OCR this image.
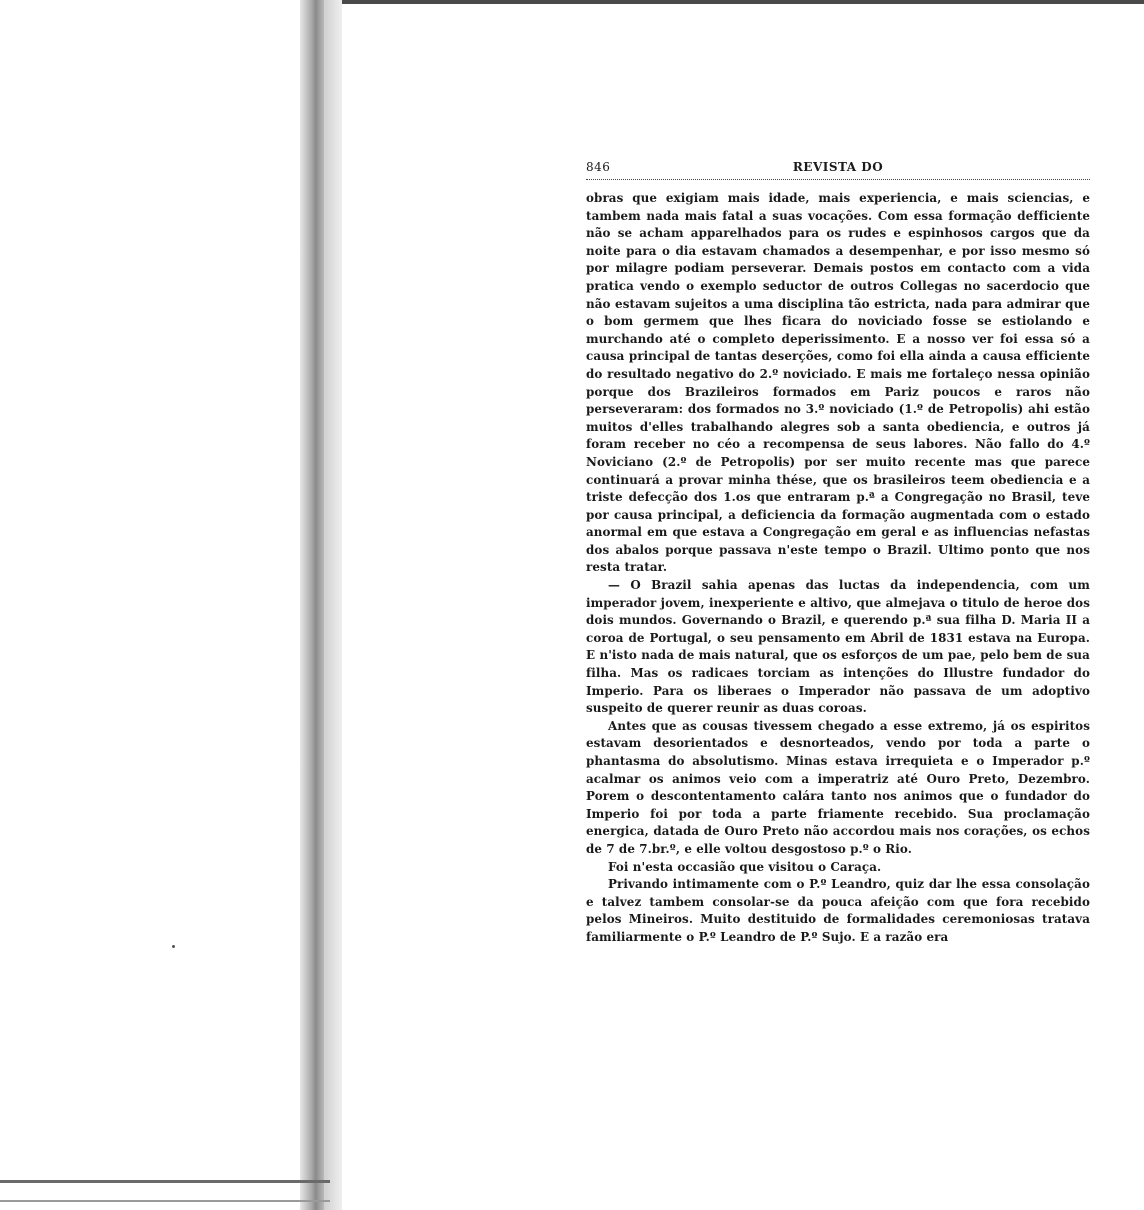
846	REVISTA DO

obras que exigiam mais idade, mais experiencia, e mais sciencias, e tambem nada mais fatal a suas vocações. Com essa formação defficiente não se acham apparelhados para os rudes e espinhosos cargos que da noite para o dia estavam chamados a desempenhar, e por isso mesmo só por milagre podiam perseverar. Demais postos em contacto com a vida pratica vendo o exemplo seductor de outros Collegas no sacerdocio que não estavam sujeitos a uma disciplina tão estricta, nada para admirar que o bom germem que lhes ficara do noviciado fosse se estiolando e murchando até o completo deperissimento. E a nosso ver foi essa só a causa principal de tantas deserções, como foi ella ainda a causa efficiente do resultado negativo do 2.º noviciado. E mais me fortaleço nessa opinião porque dos Brazileiros formados em Pariz poucos e raros não perseveraram: dos formados no 3.º noviciado (1.º de Petropolis) ahi estão muitos d'elles trabalhando alegres sob a santa obediencia, e outros já foram receber no céo a recompensa de seus labores. Não fallo do 4.º Noviciano (2.º de Petropolis) por ser muito recente mas que parece continuará a provar minha thése, que os brasileiros teem obediencia e a triste defecção dos 1.os que entraram p.ª a Congregação no Brasil, teve por causa principal, a deficiencia da formação augmentada com o estado anormal em que estava a Congregação em geral e as influencias nefastas dos abalos porque passava n'este tempo o Brazil. Ultimo ponto que nos resta tratar.

— O Brazil sahia apenas das luctas da independencia, com um imperador jovem, inexperiente e altivo, que almejava o titulo de heroe dos dois mundos. Governando o Brazil, e querendo p.ª sua filha D. Maria II a coroa de Portugal, o seu pensamento em Abril de 1831 estava na Europa. E n'isto nada de mais natural, que os esforços de um pae, pelo bem de sua filha. Mas os radicaes torciam as intenções do Illustre fundador do Imperio. Para os liberaes o Imperador não passava de um adoptivo suspeito de querer reunir as duas coroas.

Antes que as cousas tivessem chegado a esse extremo, já os espiritos estavam desorientados e desnorteados, vendo por toda a parte o phantasma do absolutismo. Minas estava irrequieta e o Imperador p.º acalmar os animos veio com a imperatriz até Ouro Preto, Dezembro. Porem o descontentamento calára tanto nos animos que o fundador do Imperio foi por toda a parte friamente recebido. Sua proclamação energica, datada de Ouro Preto não accordou mais nos corações, os echos de 7 de 7.br.º, e elle voltou desgostoso p.º o Rio.

Foi n'esta occasião que visitou o Caraça.

Privando intimamente com o P.º Leandro, quiz dar lhe essa consolação e talvez tambem consolar-se da pouca afeição com que fora recebido pelos Mineiros. Muito destituido de formalidades ceremoniosas tratava familiarmente o P.º Leandro de P.º Sujo. E a razão era
